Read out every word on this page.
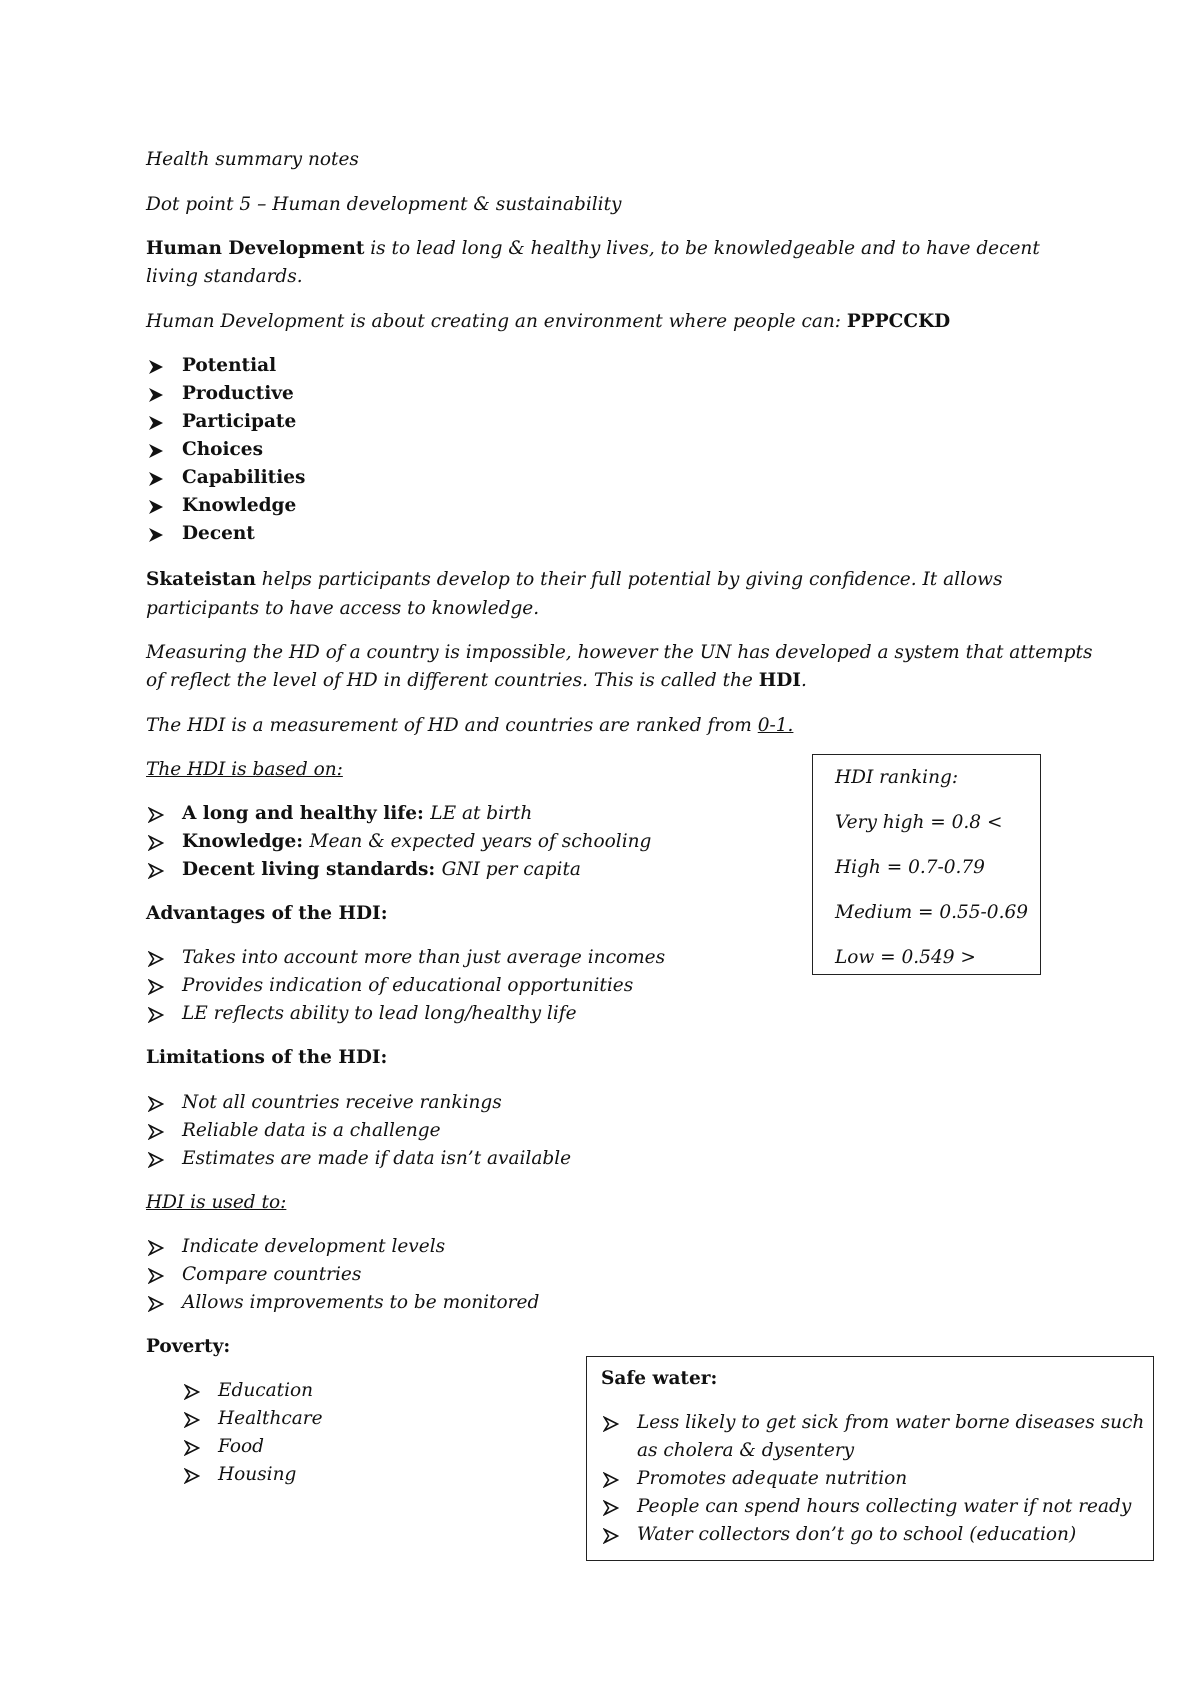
Health summary notes
Dot point 5 – Human development & sustainability
Human Development is to lead long & healthy lives, to be knowledgeable and to have decent
living standards.
Human Development is about creating an environment where people can: PPPCCKD
Potential
Productive
Participate
Choices
Capabilities
Knowledge
Decent
Skateistan helps participants develop to their full potential by giving confidence. It allows
participants to have access to knowledge.
Measuring the HD of a country is impossible, however the UN has developed a system that attempts
of reflect the level of HD in different countries. This is called the HDI.
The HDI is a measurement of HD and countries are ranked from 0-1.
The HDI is based on:
A long and healthy life: LE at birth
Knowledge: Mean & expected years of schooling
Decent living standards: GNI per capita
HDI ranking:
Very high = 0.8 <
High = 0.7-0.79
Medium = 0.55-0.69
Low = 0.549 >
Advantages of the HDI:
Takes into account more than just average incomes
Provides indication of educational opportunities
LE reflects ability to lead long/healthy life
Limitations of the HDI:
Not all countries receive rankings
Reliable data is a challenge
Estimates are made if data isn’t available
HDI is used to:
Indicate development levels
Compare countries
Allows improvements to be monitored
Poverty:
Education
Healthcare
Food
Housing
Safe water:
Less likely to get sick from water borne diseases such
as cholera & dysentery
Promotes adequate nutrition
People can spend hours collecting water if not ready
Water collectors don’t go to school (education)
